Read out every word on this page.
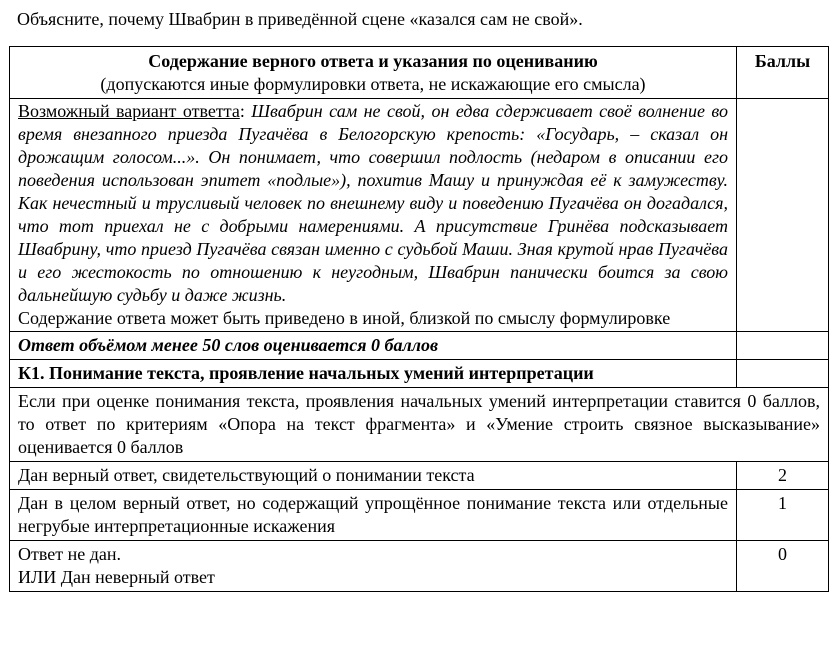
Объясните, почему Швабрин в приведённой сцене «казался сам не свой».
Содержание верного ответа и указания по оцениванию
(допускаются иные формулировки ответа, не искажающие его смысла)	Баллы
Возможный вариант ответта: Швабрин сам не свой, он едва сдерживает своё волнение во время внезапного приезда Пугачёва в Белогорскую крепость: «Государь, – сказал он дрожащим голосом...». Он понимает, что совершил подлость (недаром в описании его поведения использован эпитет «подлые»), похитив Машу и принуждая её к замужеству. Как нечестный и трусливый человек по внешнему виду и поведению Пугачёва он догадался, что тот приехал не с добрыми намерениями. А присутствие Гринёва подсказывает Швабрину, что приезд Пугачёва связан именно с судьбой Маши. Зная крутой нрав Пугачёва и его жестокость по отношению к неугодным, Швабрин панически боится за свою дальнейшую судьбу и даже жизнь.
Содержание ответа может быть приведено в иной, близкой по смыслу формулировке	

Ответ объёмом менее 50 слов оценивается 0 баллов	
К1. Понимание текста, проявление начальных умений интерпретации	
Если при оценке понимания текста, проявления начальных умений интерпретации ставится 0 баллов, то ответ по критериям «Опора на текст фрагмента» и «Умение строить связное высказывание» оценивается 0 баллов	
Дан верный ответ, свидетельствующий о понимании текста	2
Дан в целом верный ответ, но содержащий упрощённое понимание текста или отдельные негрубые интерпретационные искажения	1

Ответ не дан.
ИЛИ Дан неверный ответ	0
